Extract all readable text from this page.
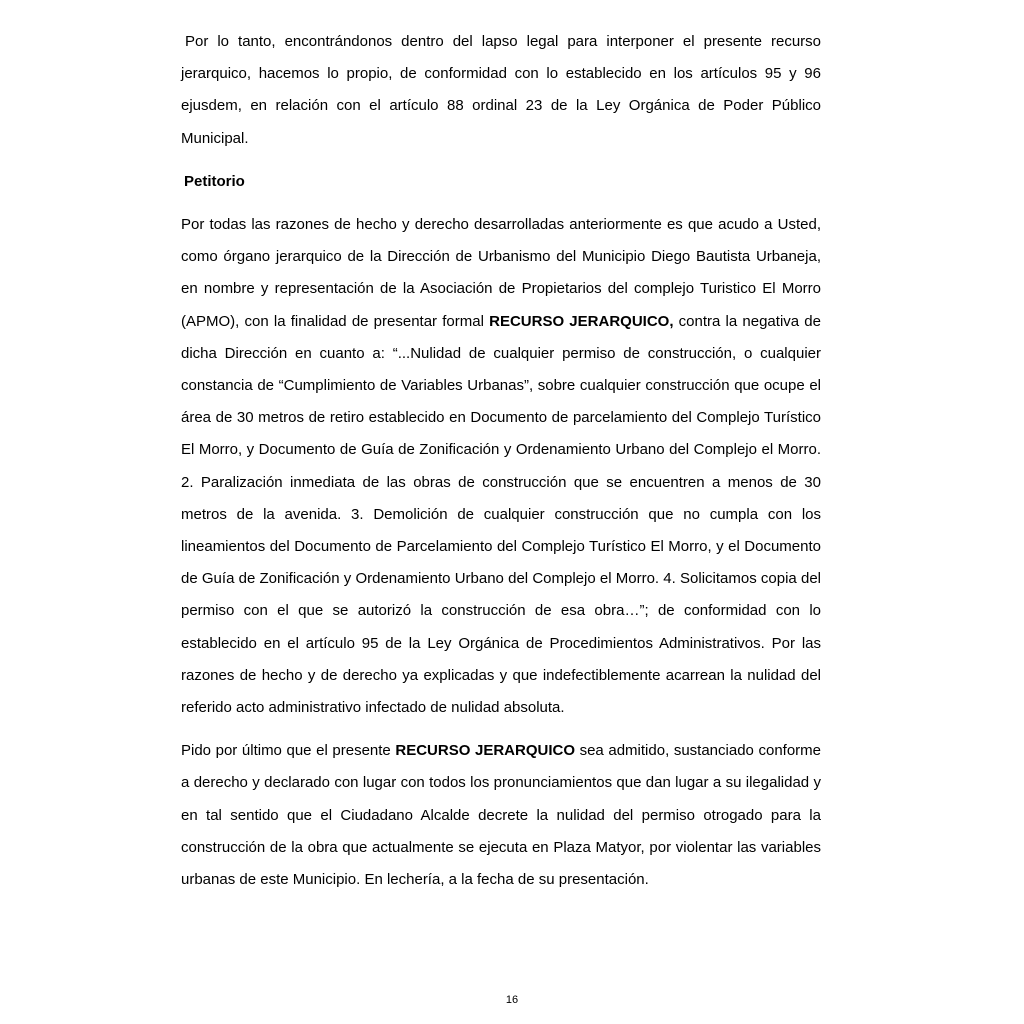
Por lo tanto, encontrándonos dentro del lapso legal para interponer el presente recurso jerarquico, hacemos lo propio, de conformidad con lo establecido en los artículos 95 y 96 ejusdem, en relación con el artículo 88 ordinal 23 de la Ley Orgánica de Poder Público Municipal.

Petitorio

Por todas las razones de hecho y derecho desarrolladas anteriormente es que acudo a Usted, como órgano jerarquico de la Dirección de Urbanismo del Municipio Diego Bautista Urbaneja, en nombre y representación de la Asociación de Propietarios del complejo Turistico El Morro (APMO), con la finalidad de presentar formal RECURSO JERARQUICO, contra la negativa de dicha Dirección en cuanto a: “...Nulidad de cualquier permiso de construcción, o cualquier constancia de “Cumplimiento de Variables Urbanas”, sobre cualquier construcción que ocupe el área de 30 metros de retiro establecido en Documento de parcelamiento del Complejo Turístico El Morro, y Documento de Guía de Zonificación y Ordenamiento Urbano del Complejo el Morro. 2. Paralización inmediata de las obras de construcción que se encuentren a menos de 30 metros de la avenida. 3. Demolición de cualquier construcción que no cumpla con los lineamientos del Documento de Parcelamiento del Complejo Turístico El Morro, y el Documento de Guía de Zonificación y Ordenamiento Urbano del Complejo el Morro. 4. Solicitamos copia del permiso con el que se autorizó la construcción de esa obra…”; de conformidad con lo establecido en el artículo 95 de la Ley Orgánica de Procedimientos Administrativos. Por las razones de hecho y de derecho ya explicadas y que indefectiblemente acarrean la nulidad del referido acto administrativo infectado de nulidad absoluta.

Pido por último que el presente RECURSO JERARQUICO sea admitido, sustanciado conforme a derecho y declarado con lugar con todos los pronunciamientos que dan lugar a su ilegalidad y en tal sentido que el Ciudadano Alcalde decrete la nulidad del permiso otrogado para la construcción de la obra que actualmente se ejecuta en Plaza Matyor, por violentar las variables urbanas de este Municipio. En lechería, a la fecha de su presentación.

16
